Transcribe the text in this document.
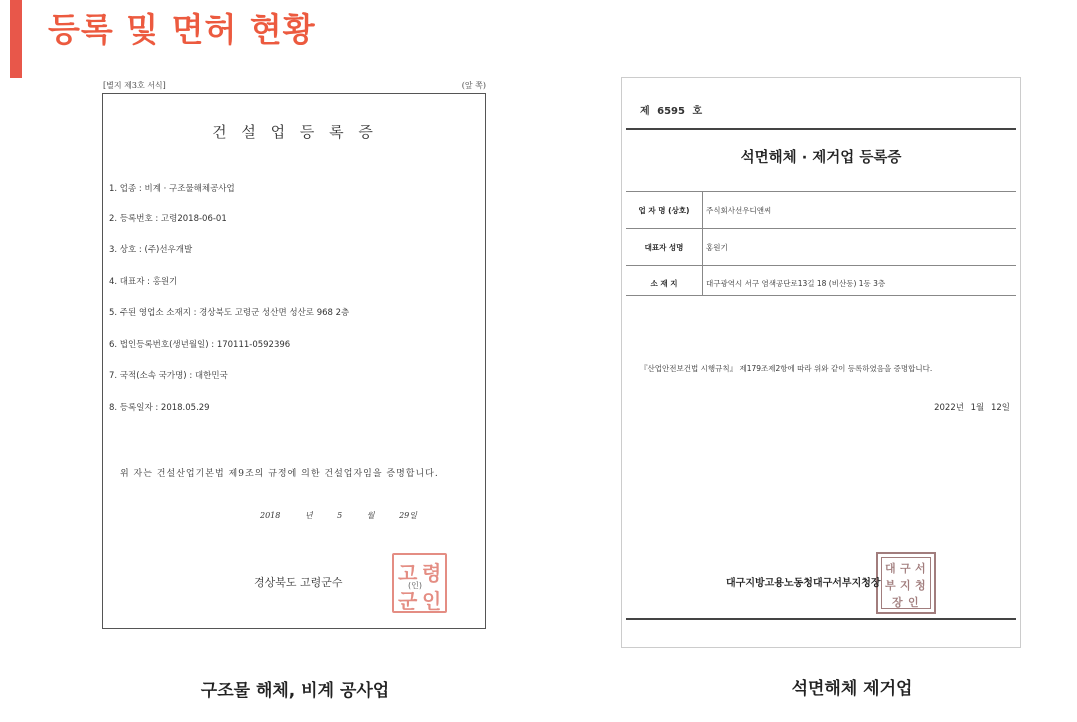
등록 및 면허 현황
[별지 제3호 서식]	(앞 쪽)
건 설 업 등 록 증
1. 업종 : 비계 · 구조물해체공사업
2. 등록번호 : 고령2018-06-01
3. 상호 : (주)선우개발
4. 대표자 : 홍원기
5. 주된 영업소 소재지 : 경상북도 고령군 성산면 성산로 968 2층
6. 법인등록번호(생년월일) : 170111-0592396
7. 국적(소속 국가명) : 대한민국
8. 등록일자 : 2018.05.29
위 자는 건설산업기본법 제9조의 규정에 의한 건설업자임을 증명합니다.
2018 년 5 월 29일
경상북도 고령군수	고 령
군 인
(인)
제 6595 호
석면해체 · 제거업 등록증
업 자 명 (상호)	주식회사선우디앤씨
대표자 성명	홍원기
소 재 지	대구광역시 서구 염색공단로13길 18 (비산동) 1동 3층
『산업안전보건법 시행규칙』 제179조제2항에 따라 위와 같이 등록하였음을 증명합니다.
2022년 1월 12일
대 구 서
부 지 청
장 인
대구지방고용노동청대구서부지청장
구조물 해체, 비계 공사업	석면해체 제거업
